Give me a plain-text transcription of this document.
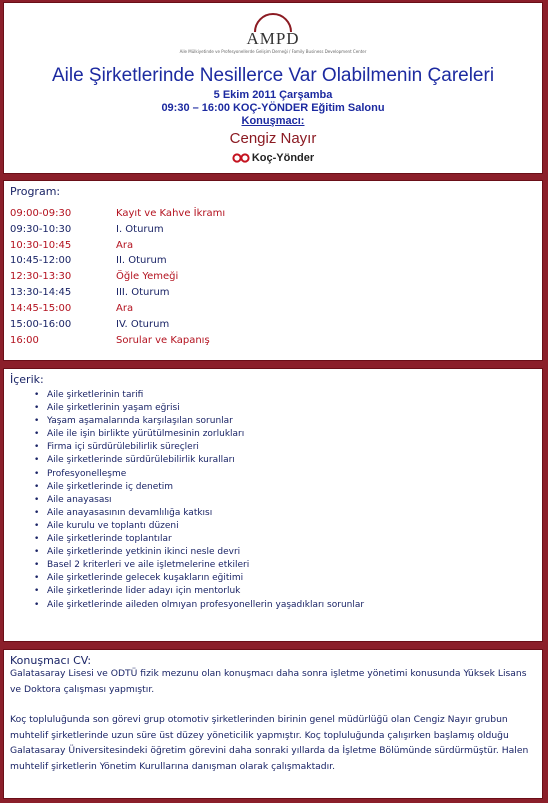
AMPD
Aile Mülkiyetinde ve Profesyonellerde Gelişim Derneği / Family Business Development Center
Aile Şirketlerinde Nesillerce Var Olabilmenin Çareleri
5 Ekim 2011 Çarşamba
09:30 – 16:00 KOÇ-YÖNDER Eğitim Salonu
Konuşmacı:
Cengiz Nayır
Koç-Yönder
Program:
09:00-09:30	Kayıt ve Kahve İkramı
09:30-10:30	I. Oturum
10:30-10:45	Ara
10:45-12:00	II. Oturum
12:30-13:30	Öğle Yemeği
13:30-14:45	III. Oturum
14:45-15:00	Ara
15:00-16:00	IV. Oturum
16:00	Sorular ve Kapanış
İçerik:
• Aile şirketlerinin tarifi
• Aile şirketlerinin yaşam eğrisi
• Yaşam aşamalarında karşılaşılan sorunlar
• Aile ile işin birlikte yürütülmesinin zorlukları
• Firma içi sürdürülebilirlik süreçleri
• Aile şirketlerinde sürdürülebilirlik kuralları
• Profesyonelleşme
• Aile şirketlerinde iç denetim
• Aile anayasası
• Aile anayasasının devamlılığa katkısı
• Aile kurulu ve toplantı düzeni
• Aile şirketlerinde toplantılar
• Aile şirketlerinde yetkinin ikinci nesle devri
• Basel 2 kriterleri ve aile işletmelerine etkileri
• Aile şirketlerinde gelecek kuşakların eğitimi
• Aile şirketlerinde lider adayı için mentorluk
• Aile şirketlerinde aileden olmıyan profesyonellerin yaşadıkları sorunlar
Konuşmacı CV:
Galatasaray Lisesi ve ODTÜ fizik mezunu olan konuşmacı daha sonra işletme yönetimi konusunda Yüksek Lisans ve Doktora çalışması yapmıştır.
Koç topluluğunda son görevi grup otomotiv şirketlerinden birinin genel müdürlüğü olan Cengiz Nayır grubun muhtelif şirketlerinde uzun süre üst düzey yöneticilik yapmıştır. Koç topluluğunda çalışırken başlamış olduğu Galatasaray Üniversitesindeki öğretim görevini daha sonraki yıllarda da İşletme Bölümünde sürdürmüştür. Halen muhtelif şirketlerin Yönetim Kurullarına danışman olarak çalışmaktadır.
